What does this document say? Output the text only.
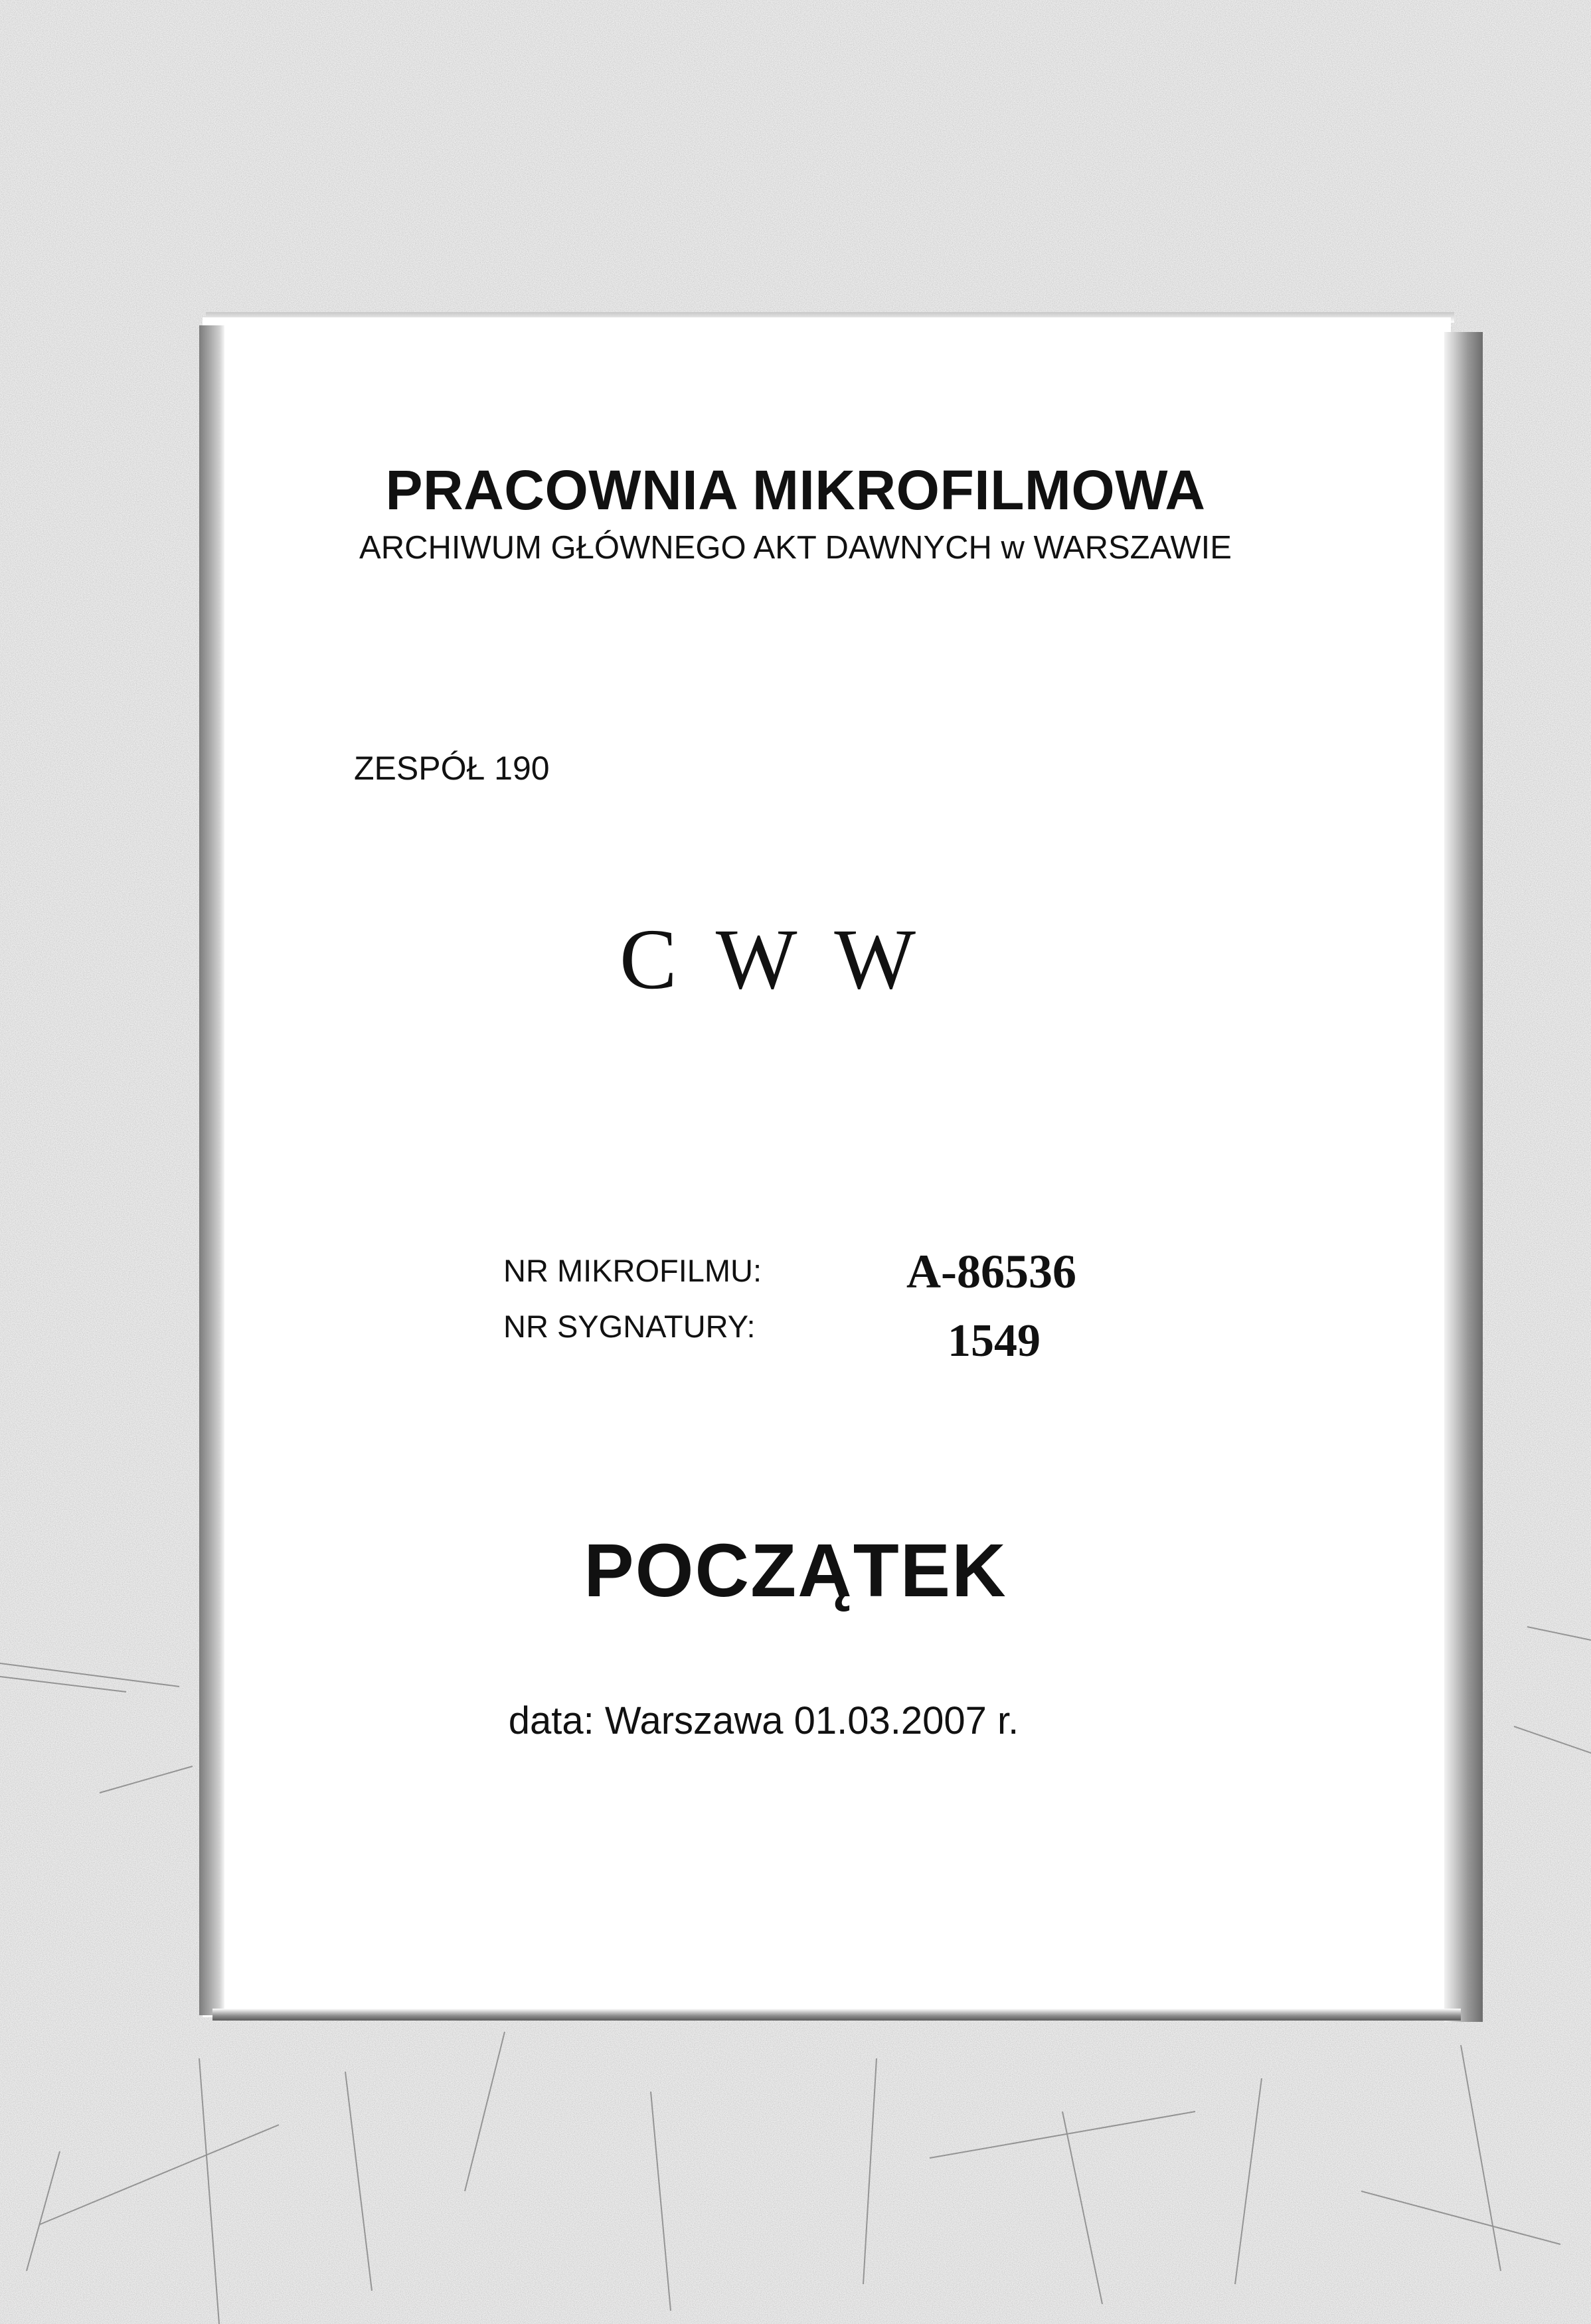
PRACOWNIA MIKROFILMOWA

ARCHIWUM GŁÓWNEGO AKT DAWNYCH w WARSZAWIE

ZESPÓŁ 190

C W W

NR MIKROFILMU:	A-86536

NR SYGNATURY:	1549

POCZĄTEK

data: Warszawa 01.03.2007 r.
